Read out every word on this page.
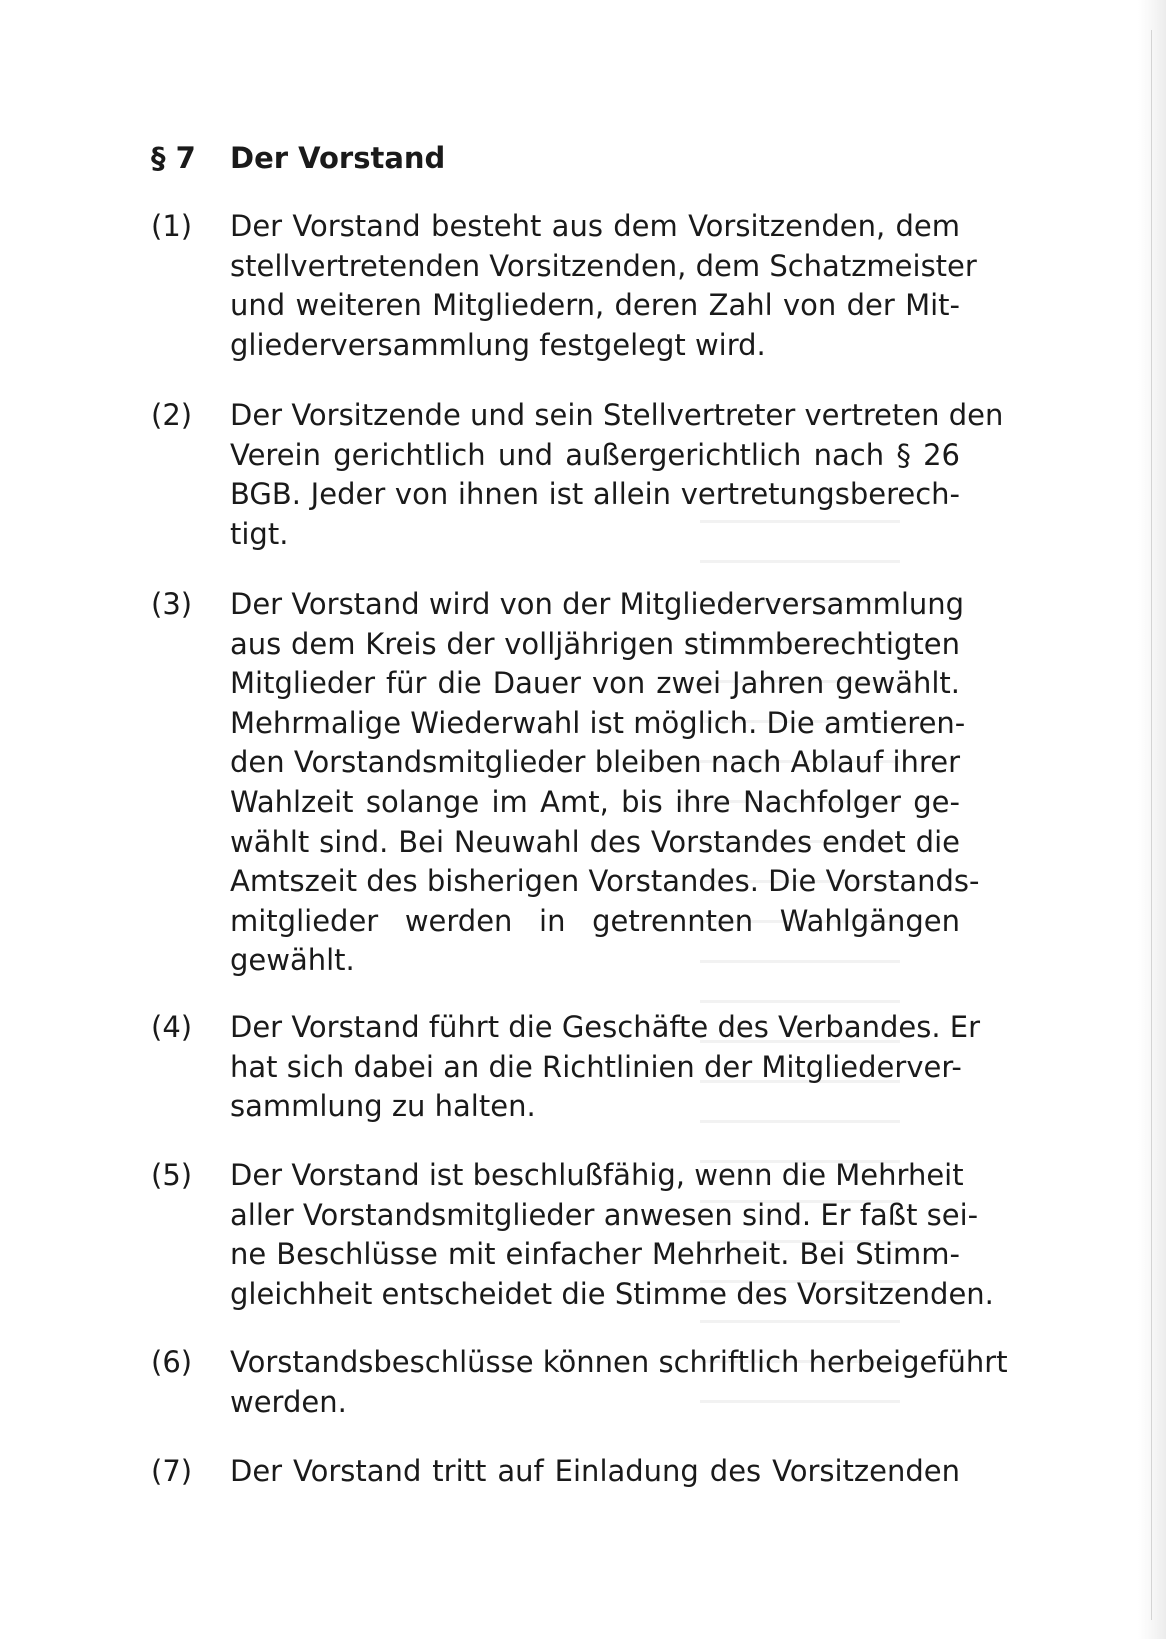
§ 7 Der Vorstand
(1) Der Vorstand besteht aus dem Vorsitzenden, dem
stellvertretenden Vorsitzenden, dem Schatzmeister
und weiteren Mitgliedern, deren Zahl von der Mit-
gliederversammlung festgelegt wird.
(2) Der Vorsitzende und sein Stellvertreter vertreten den
Verein gerichtlich und außergerichtlich nach § 26
BGB. Jeder von ihnen ist allein vertretungsberech-
tigt.
(3) Der Vorstand wird von der Mitgliederversammlung
aus dem Kreis der volljährigen stimmberechtigten
Mitglieder für die Dauer von zwei Jahren gewählt.
Mehrmalige Wiederwahl ist möglich. Die amtieren-
den Vorstandsmitglieder bleiben nach Ablauf ihrer
Wahlzeit solange im Amt, bis ihre Nachfolger ge-
wählt sind. Bei Neuwahl des Vorstandes endet die
Amtszeit des bisherigen Vorstandes. Die Vorstands-
mitglieder werden in getrennten Wahlgängen
gewählt.
(4) Der Vorstand führt die Geschäfte des Verbandes. Er
hat sich dabei an die Richtlinien der Mitgliederver-
sammlung zu halten.
(5) Der Vorstand ist beschlußfähig, wenn die Mehrheit
aller Vorstandsmitglieder anwesen sind. Er faßt sei-
ne Beschlüsse mit einfacher Mehrheit. Bei Stimm-
gleichheit entscheidet die Stimme des Vorsitzenden.
(6) Vorstandsbeschlüsse können schriftlich herbeigeführt
werden.
(7) Der Vorstand tritt auf Einladung des Vorsitzenden
